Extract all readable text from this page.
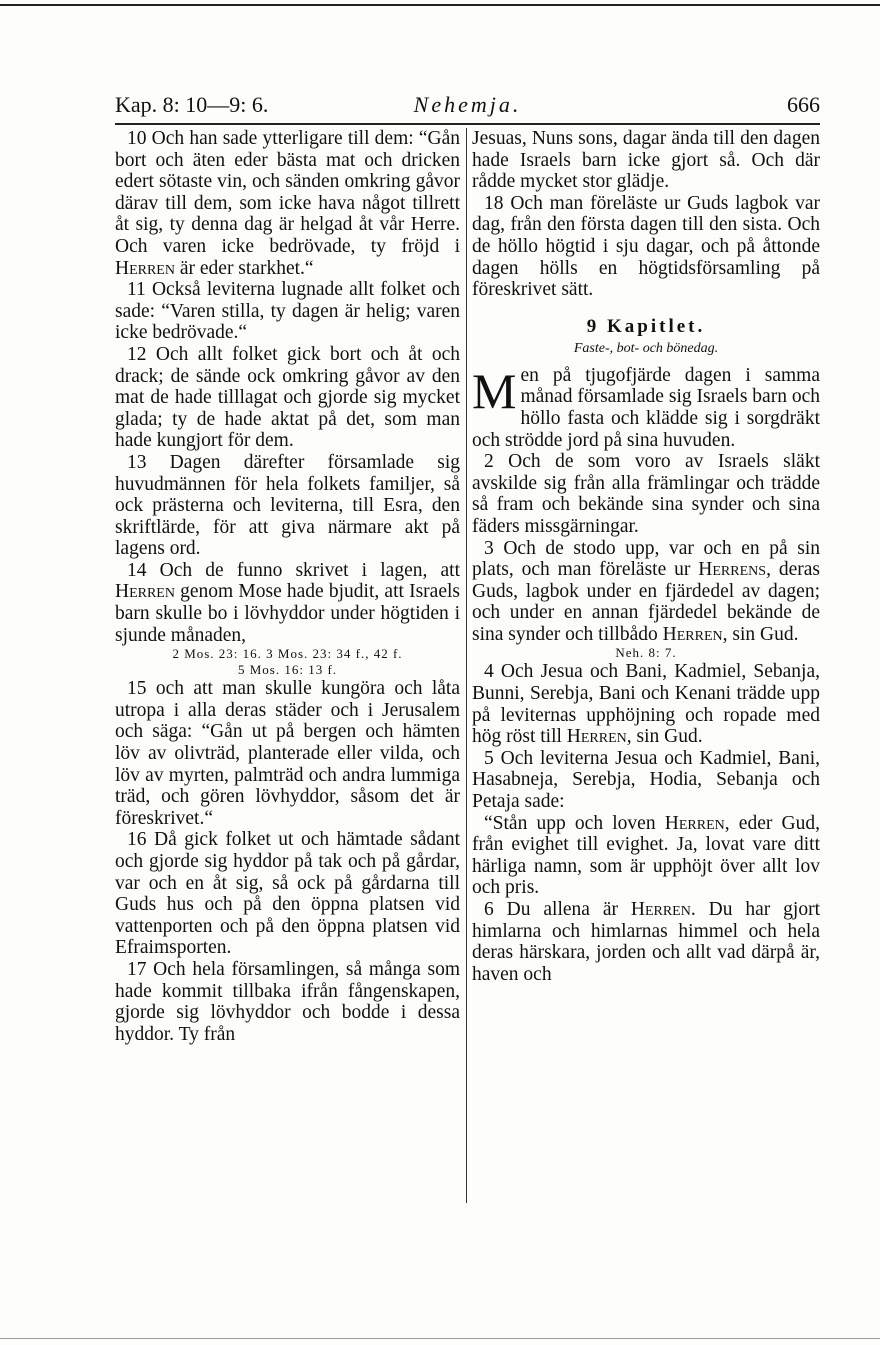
Kap. 8: 10—9: 6.	Nehemja.	666

10 Och han sade ytterligare till dem: “Gån bort och äten eder bästa mat och dricken edert sötaste vin, och sänden omkring gåvor därav till dem, som icke hava något tillrett åt sig, ty denna dag är helgad åt vår Herre. Och varen icke bedrövade, ty fröjd i Herren är eder starkhet.“

11 Också leviterna lugnade allt folket och sade: “Varen stilla, ty dagen är helig; varen icke bedrövade.“

12 Och allt folket gick bort och åt och drack; de sände ock omkring gåvor av den mat de hade tilllagat och gjorde sig mycket glada; ty de hade aktat på det, som man hade kungjort för dem.

13 Dagen därefter församlade sig huvudmännen för hela folkets familjer, så ock prästerna och leviterna, till Esra, den skriftlärde, för att giva närmare akt på lagens ord.

14 Och de funno skrivet i lagen, att Herren genom Mose hade bjudit, att Israels barn skulle bo i lövhyddor under högtiden i sjunde månaden,

2 Mos. 23: 16. 3 Mos. 23: 34 f., 42 f.

5 Mos. 16: 13 f.

15 och att man skulle kungöra och låta utropa i alla deras städer och i Jerusalem och säga: “Gån ut på bergen och hämten löv av olivträd, planterade eller vilda, och löv av myrten, palmträd och andra lummiga träd, och gören lövhyddor, såsom det är föreskrivet.“

16 Då gick folket ut och hämtade sådant och gjorde sig hyddor på tak och på gårdar, var och en åt sig, så ock på gårdarna till Guds hus och på den öppna platsen vid vattenporten och på den öppna platsen vid Efraimsporten.

17 Och hela församlingen, så många som hade kommit tillbaka ifrån fångenskapen, gjorde sig lövhyddor och bodde i dessa hyddor. Ty från

Jesuas, Nuns sons, dagar ända till den dagen hade Israels barn icke gjort så. Och där rådde mycket stor glädje.

18 Och man föreläste ur Guds lagbok var dag, från den första dagen till den sista. Och de höllo högtid i sju dagar, och på åttonde dagen hölls en högtidsförsamling på föreskrivet sätt.

9 Kapitlet.

Faste-, bot- och bönedag.

Men på tjugofjärde dagen i samma månad församlade sig Israels barn och höllo fasta och klädde sig i sorgdräkt och strödde jord på sina huvuden.

2 Och de som voro av Israels släkt avskilde sig från alla främlingar och trädde så fram och bekände sina synder och sina fäders missgärningar.

3 Och de stodo upp, var och en på sin plats, och man föreläste ur Herrens, deras Guds, lagbok under en fjärdedel av dagen; och under en annan fjärdedel bekände de sina synder och tillbådo Herren, sin Gud.

Neh. 8: 7.

4 Och Jesua och Bani, Kadmiel, Sebanja, Bunni, Serebja, Bani och Kenani trädde upp på leviternas upphöjning och ropade med hög röst till Herren, sin Gud.

5 Och leviterna Jesua och Kadmiel, Bani, Hasabneja, Serebja, Hodia, Sebanja och Petaja sade:

“Stån upp och loven Herren, eder Gud, från evighet till evighet. Ja, lovat vare ditt härliga namn, som är upphöjt över allt lov och pris.

6 Du allena är Herren. Du har gjort himlarna och himlarnas himmel och hela deras härskara, jorden och allt vad därpå är, haven och
